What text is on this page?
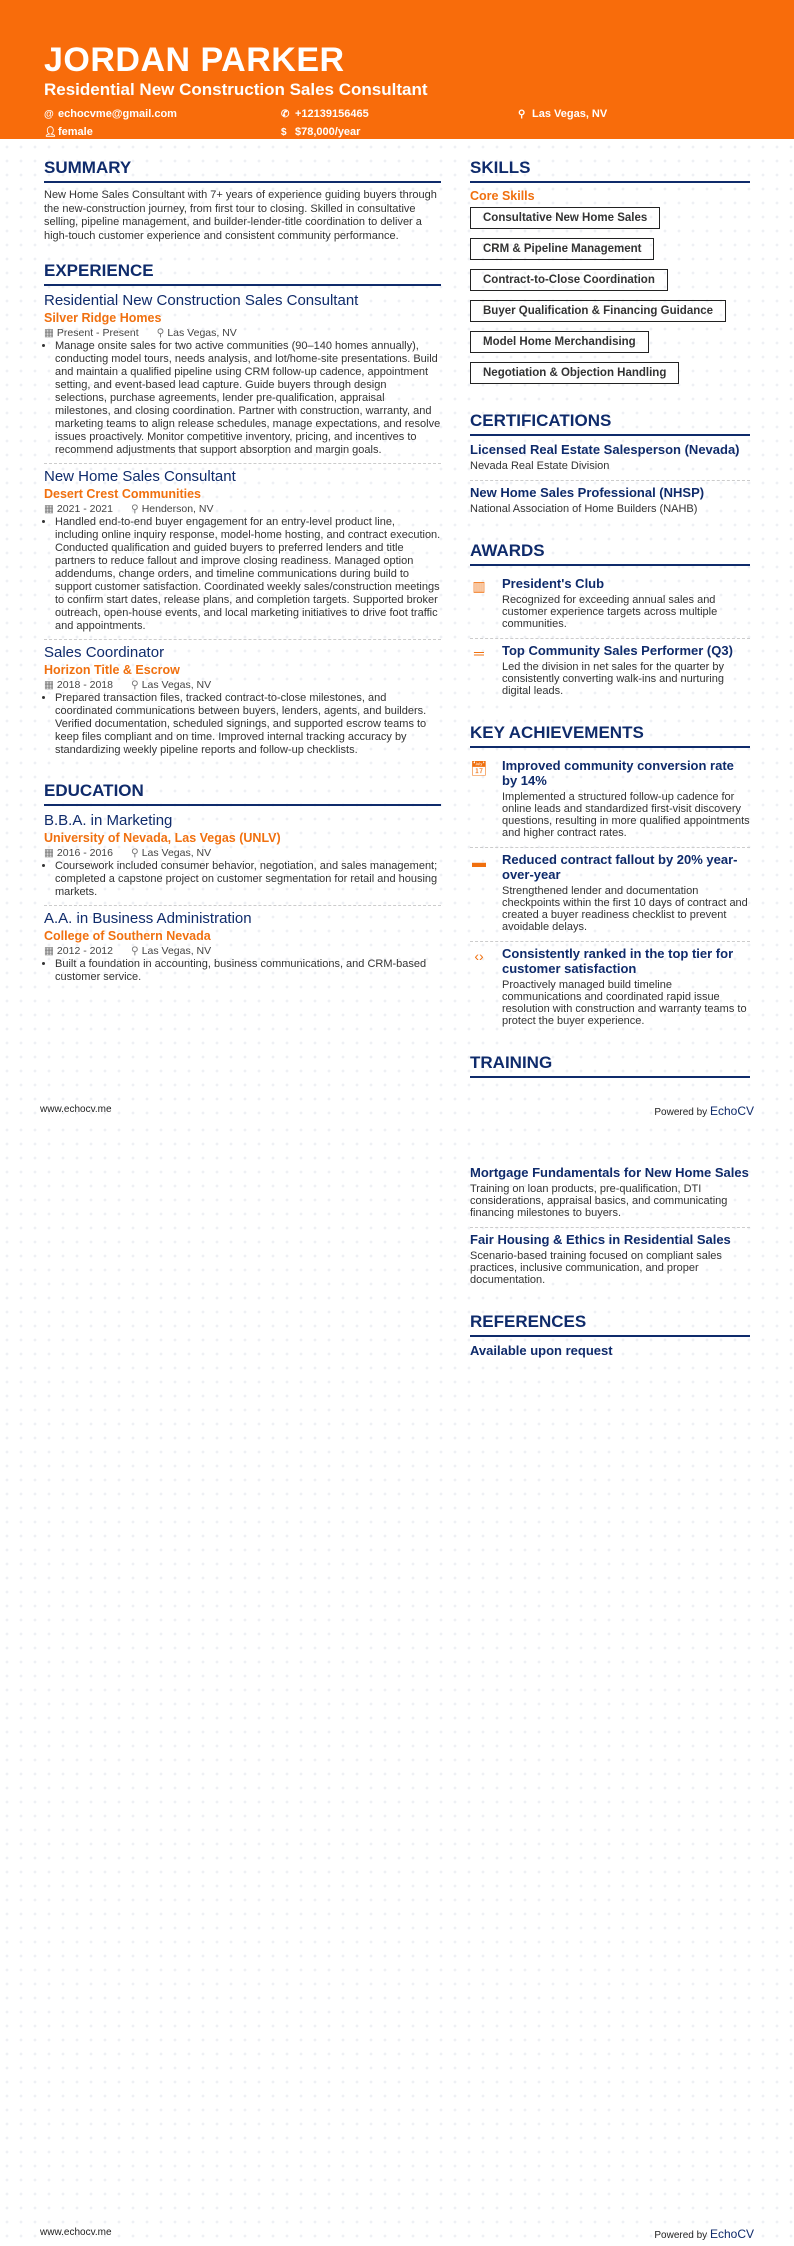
JORDAN PARKER
Residential New Construction Sales Consultant
@ echocvme@gmail.com	✆ +12139156465	⚲ Las Vegas, NV
👤︎female	$ $78,000/year
SUMMARY
New Home Sales Consultant with 7+ years of experience guiding buyers through the new-construction journey, from first tour to closing. Skilled in consultative selling, pipeline management, and builder-lender-title coordination to deliver a high-touch customer experience and consistent community performance.
EXPERIENCE
Residential New Construction Sales Consultant
Silver Ridge Homes
▦ Present - Present ⚲ Las Vegas, NV
• Manage onsite sales for two active communities (90–140 homes annually), conducting model tours, needs analysis, and lot/home-site presentations. Build and maintain a qualified pipeline using CRM follow-up cadence, appointment setting, and event-based lead capture. Guide buyers through design selections, purchase agreements, lender pre-qualification, appraisal milestones, and closing coordination. Partner with construction, warranty, and marketing teams to align release schedules, manage expectations, and resolve issues proactively. Monitor competitive inventory, pricing, and incentives to recommend adjustments that support absorption and margin goals.
New Home Sales Consultant
Desert Crest Communities
▦ 2021 - 2021 ⚲ Henderson, NV
• Handled end-to-end buyer engagement for an entry-level product line, including online inquiry response, model-home hosting, and contract execution. Conducted qualification and guided buyers to preferred lenders and title partners to reduce fallout and improve closing readiness. Managed option addendums, change orders, and timeline communications during build to support customer satisfaction. Coordinated weekly sales/construction meetings to confirm start dates, release plans, and completion targets. Supported broker outreach, open-house events, and local marketing initiatives to drive foot traffic and appointments.
Sales Coordinator
Horizon Title & Escrow
▦ 2018 - 2018 ⚲ Las Vegas, NV
• Prepared transaction files, tracked contract-to-close milestones, and coordinated communications between buyers, lenders, agents, and builders. Verified documentation, scheduled signings, and supported escrow teams to keep files compliant and on time. Improved internal tracking accuracy by standardizing weekly pipeline reports and follow-up checklists.
EDUCATION
B.B.A. in Marketing
University of Nevada, Las Vegas (UNLV)
▦ 2016 - 2016 ⚲ Las Vegas, NV
• Coursework included consumer behavior, negotiation, and sales management; completed a capstone project on customer segmentation for retail and housing markets.
A.A. in Business Administration
College of Southern Nevada
▦ 2012 - 2012 ⚲ Las Vegas, NV
• Built a foundation in accounting, business communications, and CRM-based customer service.
SKILLS
Core Skills
Consultative New Home Sales
CRM & Pipeline Management
Contract-to-Close Coordination
Buyer Qualification & Financing Guidance
Model Home Merchandising
Negotiation & Objection Handling
CERTIFICATIONS
Licensed Real Estate Salesperson (Nevada)
Nevada Real Estate Division
New Home Sales Professional (NHSP)
National Association of Home Builders (NAHB)
AWARDS
▥ President's Club
Recognized for exceeding annual sales and customer experience targets across multiple communities.
═	Top Community Sales Performer (Q3)
Led the division in net sales for the quarter by consistently converting walk-ins and nurturing digital leads.
KEY ACHIEVEMENTS
📅︎ Improved community conversion rate by 14%
Implemented a structured follow-up cadence for online leads and standardized first-visit discovery questions, resulting in more qualified appointments and higher contract rates.
▬ Reduced contract fallout by 20% year-over-year
Strengthened lender and documentation checkpoints within the first 10 days of contract and created a buyer readiness checklist to prevent avoidable delays.
‹›	Consistently ranked in the top tier for customer satisfaction
Proactively managed build timeline communications and coordinated rapid issue resolution with construction and warranty teams to protect the buyer experience.
TRAINING
www.echocv.me	Powered by EchoCV
Mortgage Fundamentals for New Home Sales
Training on loan products, pre-qualification, DTI considerations, appraisal basics, and communicating financing milestones to buyers.
Fair Housing & Ethics in Residential Sales
Scenario-based training focused on compliant sales practices, inclusive communication, and proper documentation.
REFERENCES
Available upon request
www.echocv.me	Powered by EchoCV
